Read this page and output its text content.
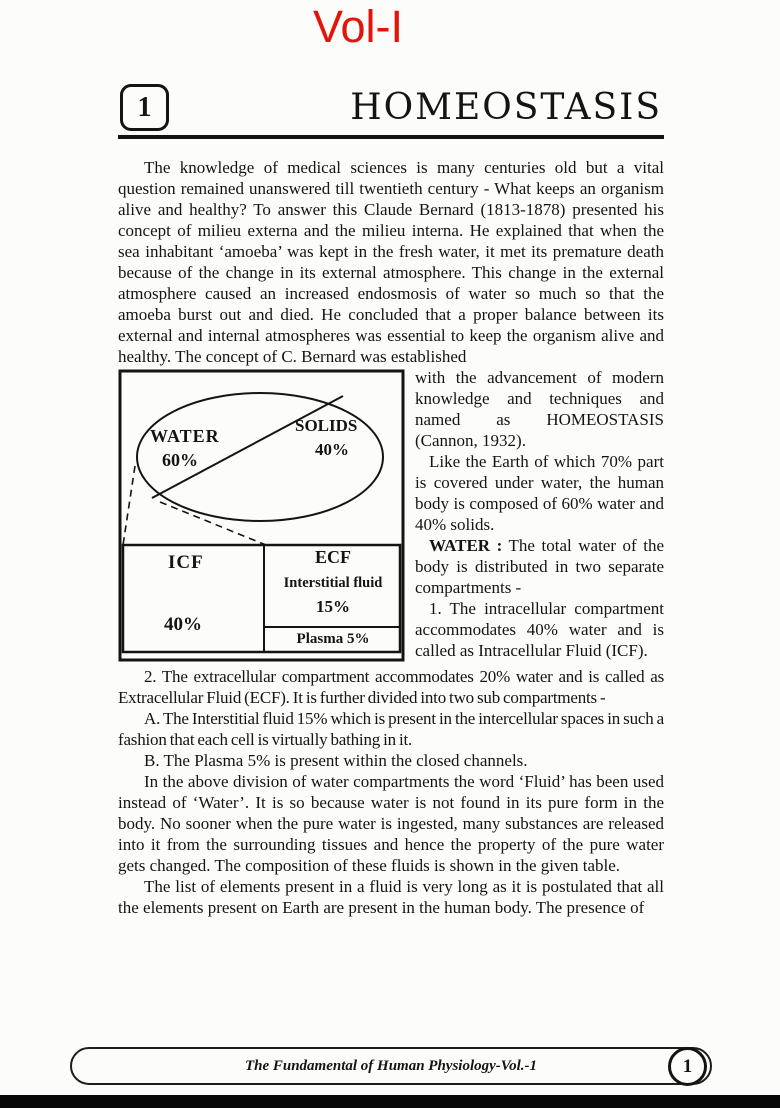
Vol-I
1	HOMEOSTASIS

The knowledge of medical sciences is many centuries old but a vital question remained unanswered till twentieth century - What keeps an organism alive and healthy? To answer this Claude Bernard (1813-1878) presented his concept of milieu externa and the milieu interna. He explained that when the sea inhabitant ‘amoeba’ was kept in the fresh water, it met its premature death because of the change in its external atmosphere. This change in the external atmosphere caused an increased endosmosis of water so much so that the amoeba burst out and died. He concluded that a proper balance between its external and internal atmospheres was essential to keep the organism alive and healthy. The concept of C. Bernard was established

WATER
60%
SOLIDS
40%
ICF
40%
ECF
Interstitial fluid
15%
Plasma 5%

with the advancement of modern knowledge and techniques and named as HOMEOSTASIS (Cannon, 1932).

Like the Earth of which 70% part is covered under water, the human body is composed of 60% water and 40% solids.

WATER : The total water of the body is distributed in two separate compartments -

1. The intracellular compartment accommodates 40% water and is called as Intracellular Fluid (ICF).

2. The extracellular compartment accommodates 20% water and is called as Extracellular Fluid (ECF). It is further divided into two sub compartments -

A. The Interstitial fluid 15% which is present in the intercellular spaces in such a fashion that each cell is virtually bathing in it.

B. The Plasma 5% is present within the closed channels.

In the above division of water compartments the word ‘Fluid’ has been used instead of ‘Water’. It is so because water is not found in its pure form in the body. No sooner when the pure water is ingested, many substances are released into it from the surrounding tissues and hence the property of the pure water gets changed. The composition of these fluids is shown in the given table.

The list of elements present in a fluid is very long as it is postulated that all the elements present on Earth are present in the human body. The presence of

The Fundamental of Human Physiology-Vol.-1	1
